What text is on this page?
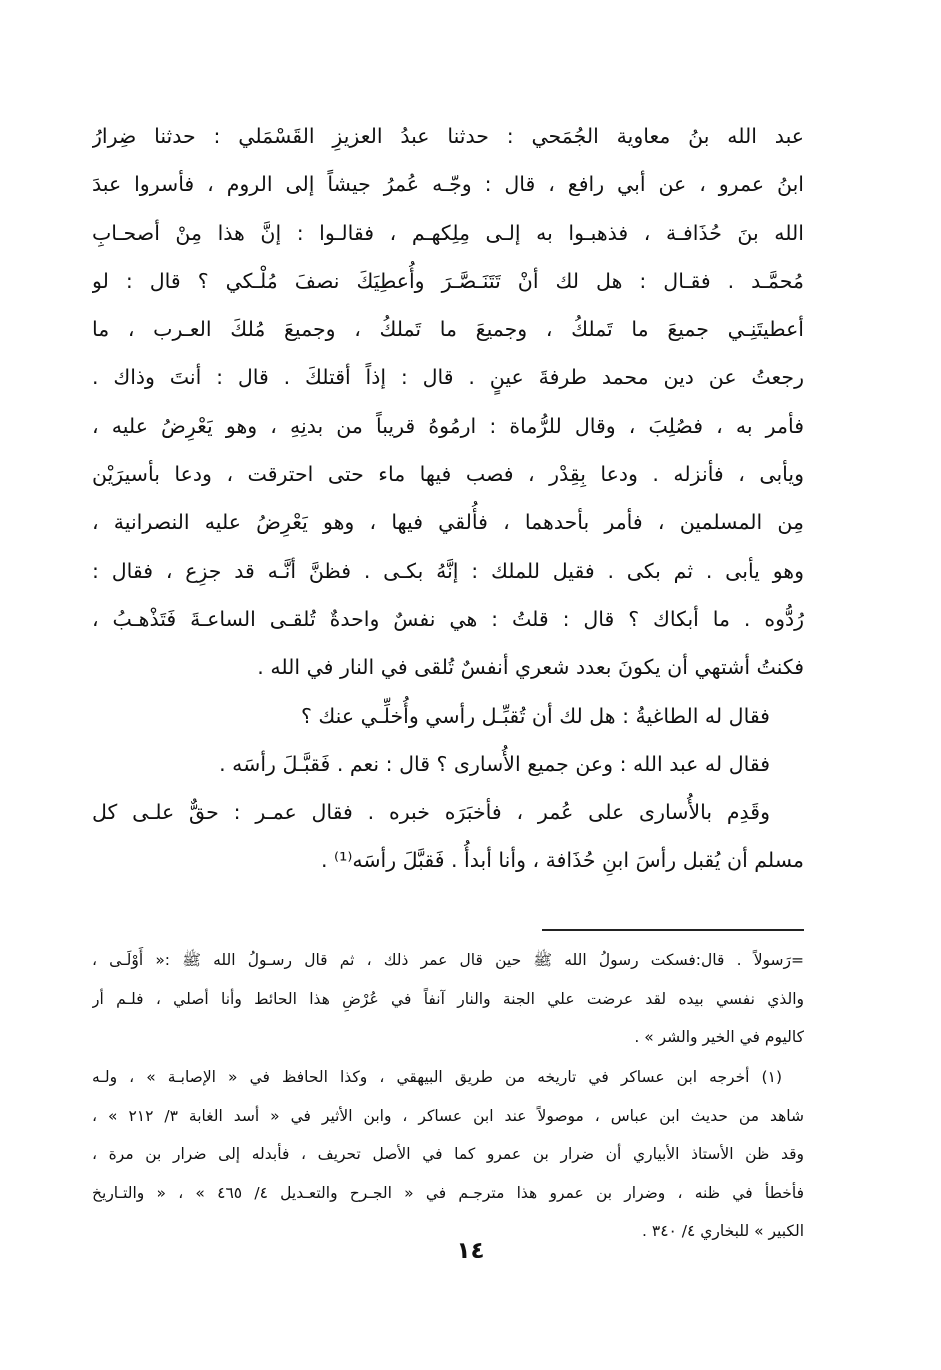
عبد الله بنُ معاوية الجُمَحي : حدثنا عبدُ العزيزِ القَسْمَلي : حدثنا ضِرارُ
ابنُ عمرو ، عن أبي رافع ، قال : وجّـه عُمرُ جيشاً إلى الروم ، فأسروا عبدَ
الله بنَ حُذَافـة ، فذهبـوا به إلـى مِلِكهـم ، فقالـوا : إنَّ هذا مِنْ أصحـابِ
مُحمَّـد . فقـال : هل لك أنْ تَتَنَـصَّـرَ وأُعطِيَكَ نصفَ مُلْـكي ؟ قال : لو
أعطيتَنِـي جميعَ ما تَملكُ ، وجميعَ ما تَملكُ ، وجميعَ مُلكَ العـرب ، ما
رجعتُ عن دين محمد طرفةَ عينٍ . قال : إذاً أقتلكَ . قال : أنتَ وذاك .
فأمر به ، فصُلِبَ ، وقال للرُّماة : ارمُوهُ قريباً من بدنِهِ ، وهو يَعْرِضُ عليه ،
ويأبى ، فأنزله . ودعا بِقِدْر ، فصب فيها ماء حتى احترقت ، ودعا بأسيرَيْن
مِن المسلمين ، فأمر بأحدهما ، فأُلقي فيها ، وهو يَعْرِضُ عليه النصرانية ،
وهو يأبى . ثم بكى . فقيل للملك : إنَّهُ بكـى . فظنَّ أنَّـه قد جزِع ، فقال :
رُدُّوه . ما أبكاك ؟ قال : قلتُ : هي نفسٌ واحدةٌ تُلقـى الساعـةَ فَتَذْهـبُ ،
فكنتُ أشتهي أن يكونَ بعدد شعري أنفسٌ تُلقى في النار في الله .
فقال له الطاغيةُ : هل لك أن تُقبِّـل رأسي وأُخلِّـي عنك ؟
فقال له عبد الله : وعن جميع الأُسارى ؟ قال : نعم . فَقبَّـلَ رأسَه .
وقَدِم بالأُسارى على عُمر ، فأخبَرَه خبره . فقال عمـر : حقٌّ علـى كل
مسلم أن يُقبل رأسَ ابنِ حُذَافة ، وأنا أبدأُ . فَقبَّلَ رأسَه⁽¹⁾ .
=رَسولاً . قال:فسكت رسولُ الله ﷺ حين قال عمر ذلك ، ثم قال رسـولُ الله ﷺ :« أَوْلَـى ،
والذي نفسي بيده لقد عرضت علي الجنة والنار آنفاً في عُرْضِ هذا الحائط وأنا أصلي ، فلـم أر
كاليوم في الخير والشر » .
(١) أخرجه ابن عساكر في تاريخه من طريق البيهقي ، وكذا الحافظ في « الإصابـة » ، ولـه
شاهد من حديث ابن عباس ، موصولاً عند ابن عساكر ، وابن الأثير في « أسد الغابة ٣/ ٢١٢ » ،
وقد ظن الأستاذ الأبياري أن ضرار بن عمرو كما في الأصل تحريف ، فأبدله إلى ضرار بن مرة ،
فأخطأ في ظنه ، وضرار بن عمرو هذا مترجـم في « الجـرح والتعـديل ٤/ ٤٦٥ » ، « والتـاريخ
الكبير » للبخاري ٤/ ٣٤٠ .
١٤
